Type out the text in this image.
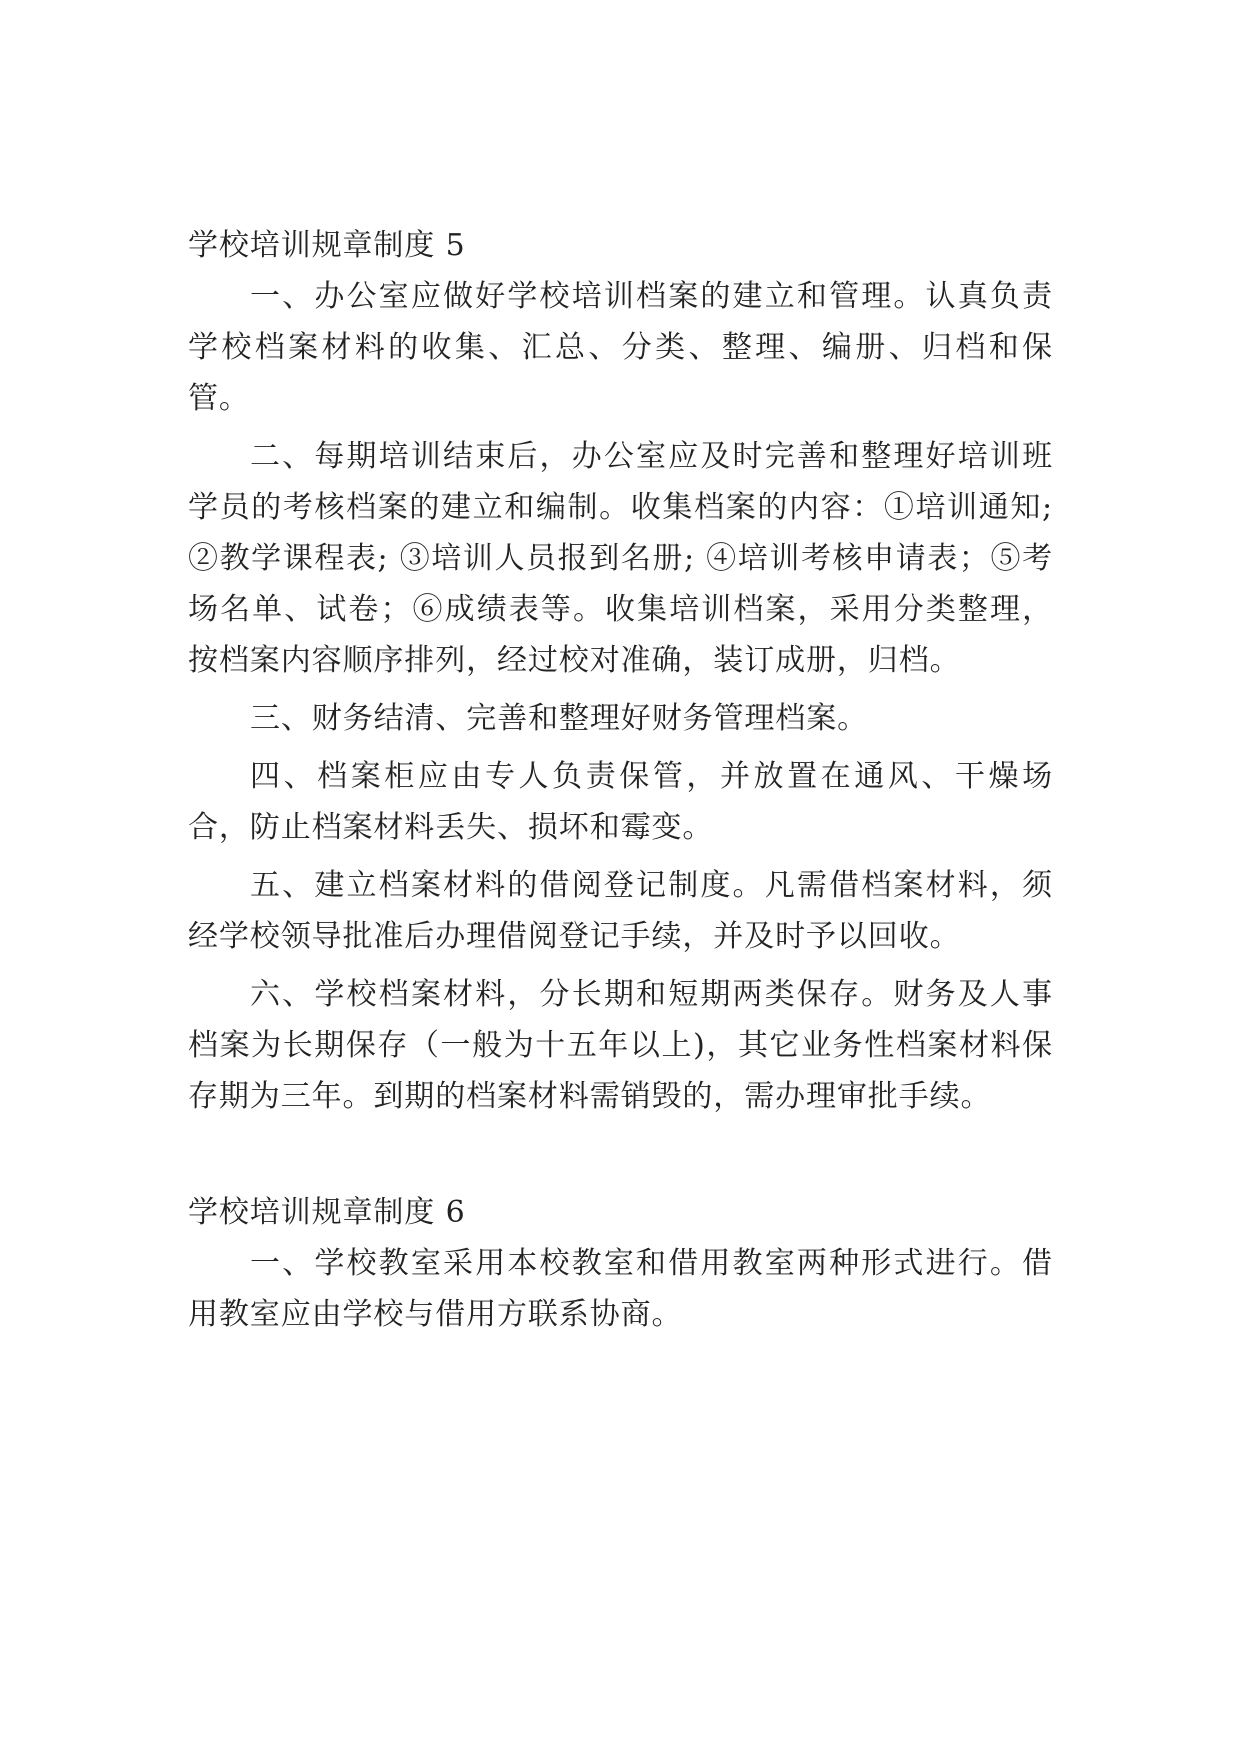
学校培训规章制度 5

一、办公室应做好学校培训档案的建立和管理。认真负责学校档案材料的收集、汇总、分类、整理、编册、归档和保管。

二、每期培训结束后，办公室应及时完善和整理好培训班学员的考核档案的建立和编制。收集档案的内容：①培训通知; ②教学课程表; ③培训人员报到名册; ④培训考核申请表；⑤考场名单、试卷；⑥成绩表等。收集培训档案，采用分类整理，按档案内容顺序排列，经过校对准确，装订成册，归档。

三、财务结清、完善和整理好财务管理档案。

四、档案柜应由专人负责保管，并放置在通风、干燥场合，防止档案材料丢失、损坏和霉变。

五、建立档案材料的借阅登记制度。凡需借档案材料，须经学校领导批准后办理借阅登记手续，并及时予以回收。

六、学校档案材料，分长期和短期两类保存。财务及人事档案为长期保存（一般为十五年以上)，其它业务性档案材料保存期为三年。到期的档案材料需销毁的，需办理审批手续。

学校培训规章制度 6

一、学校教室采用本校教室和借用教室两种形式进行。借用教室应由学校与借用方联系协商。
